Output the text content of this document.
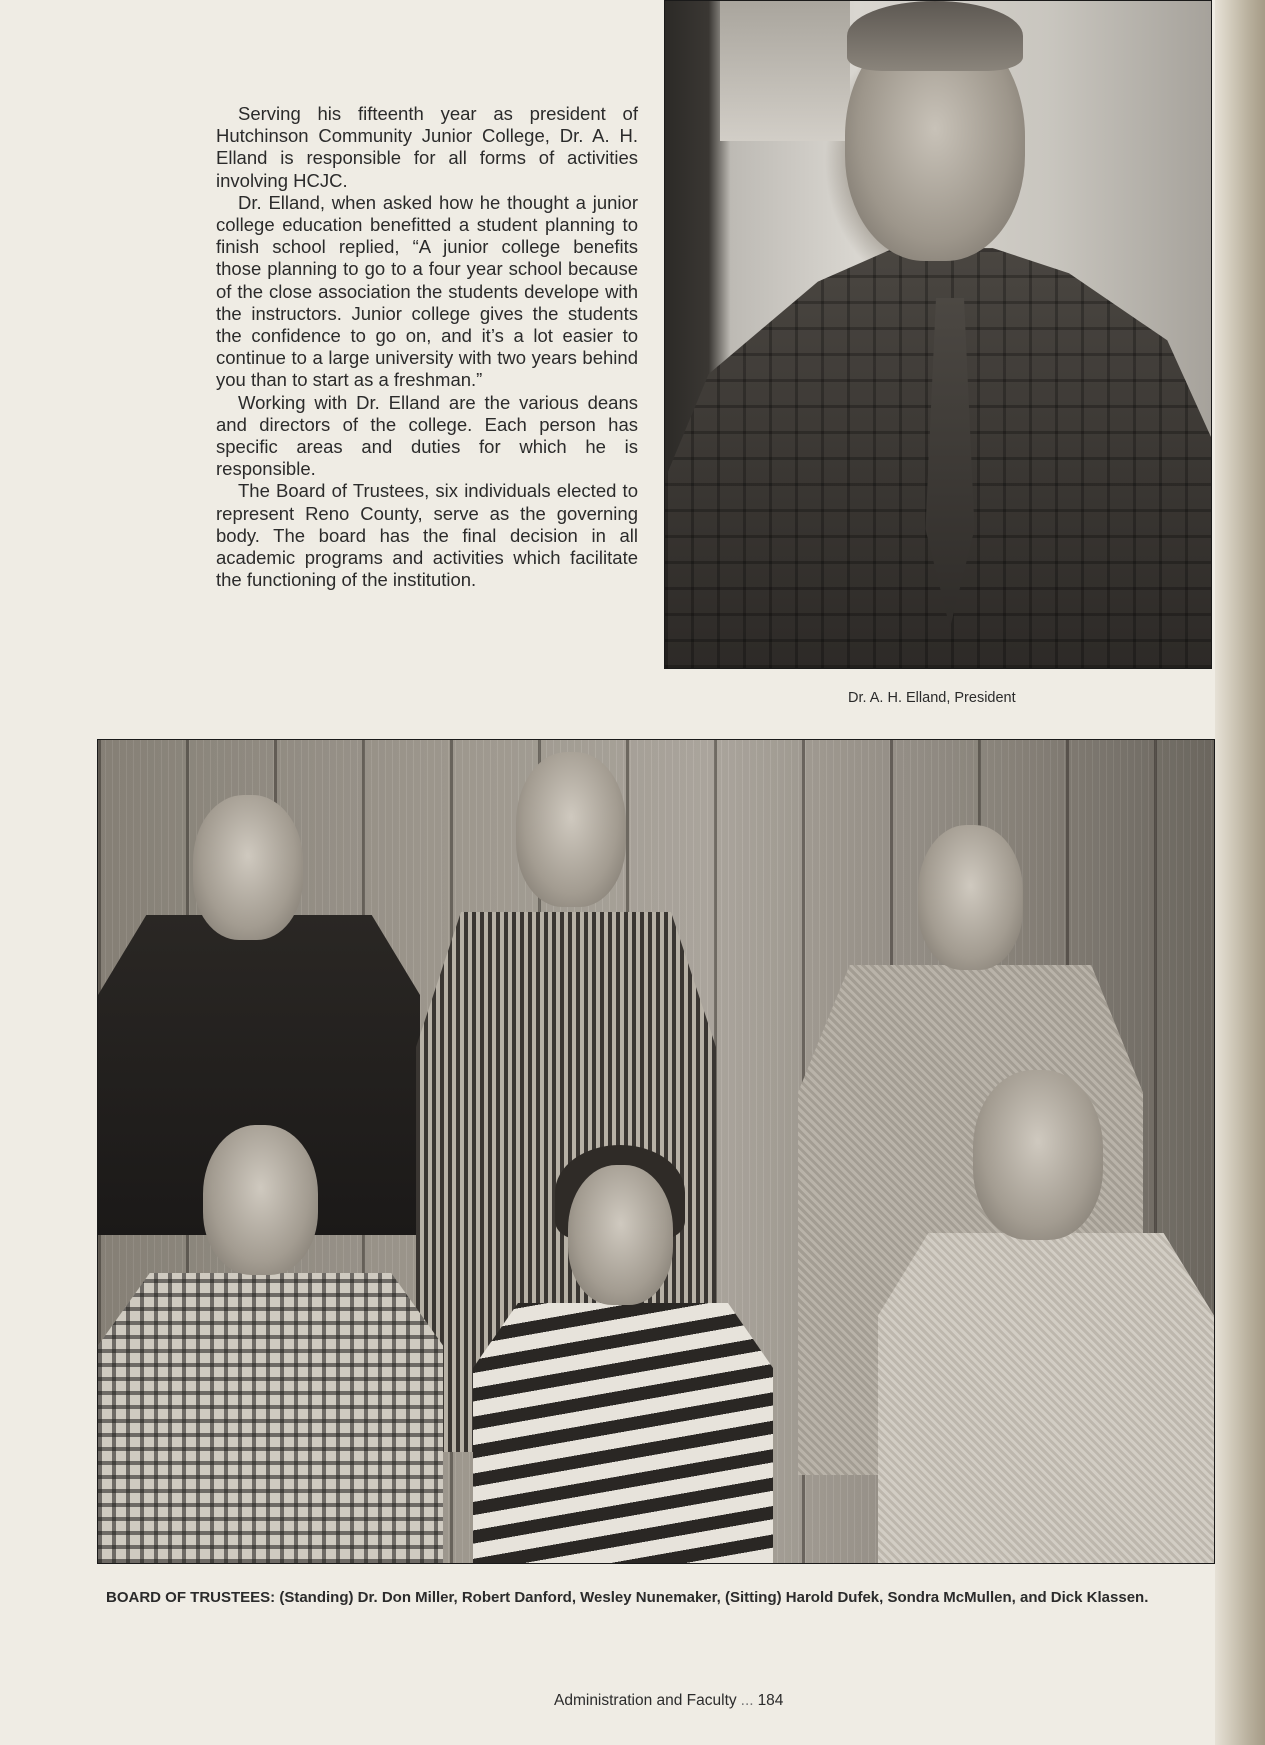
Serving his fifteenth year as president of Hutchinson Community Junior College, Dr. A. H. Elland is responsible for all forms of activities involving HCJC.

Dr. Elland, when asked how he thought a junior college education benefitted a student planning to finish school replied, “A junior college benefits those planning to go to a four year school because of the close association the students develope with the instructors. Junior college gives the students the confidence to go on, and it’s a lot easier to continue to a large university with two years behind you than to start as a freshman.”

Working with Dr. Elland are the various deans and directors of the college. Each person has specific areas and duties for which he is responsible.

The Board of Trustees, six individuals elected to represent Reno County, serve as the governing body. The board has the final decision in all academic programs and activities which facilitate the functioning of the institution.

Dr. A. H. Elland, President
BOARD OF TRUSTEES: (Standing) Dr. Don Miller, Robert Danford, Wesley Nunemaker, (Sitting) Harold Dufek, Sondra McMullen, and Dick Klassen.
Administration and Faculty ... 184
